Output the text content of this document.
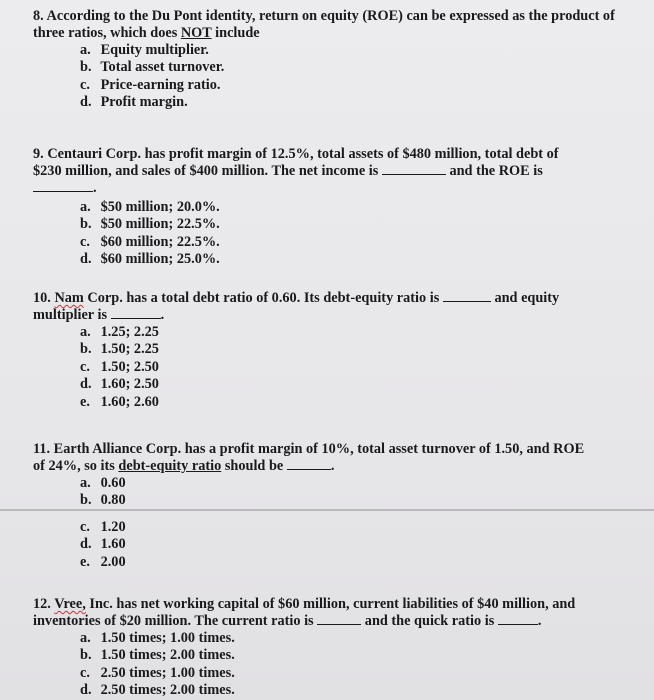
8. According to the Du Pont identity, return on equity (ROE) can be expressed as the product of three ratios, which does NOT include

a. Equity multiplier.
b. Total asset turnover.
c. Price-earning ratio.
d. Profit margin.

9. Centauri Corp. has profit margin of 12.5%, total assets of $480 million, total debt of
$230 million, and sales of $400 million. The net income is	and the ROE is
.

a. $50 million; 20.0%.
b. $50 million; 22.5%.
c. $60 million; 22.5%.
d. $60 million; 25.0%.

10. Nam Corp. has a total debt ratio of 0.60. Its debt-equity ratio is	and equity
multiplier is	.

a. 1.25; 2.25
b. 1.50; 2.25
c. 1.50; 2.50
d. 1.60; 2.50
e. 1.60; 2.60

11. Earth Alliance Corp. has a profit margin of 10%, total asset turnover of 1.50, and ROE
of 24%, so its debt-equity ratio should be	.

a. 0.60
b. 0.80
c. 1.20
d. 1.60
e. 2.00

12. Vree, Inc. has net working capital of $60 million, current liabilities of $40 million, and
inventories of $20 million. The current ratio is	and the quick ratio is	.

a. 1.50 times; 1.00 times.
b. 1.50 times; 2.00 times.
c. 2.50 times; 1.00 times.
d. 2.50 times; 2.00 times.
